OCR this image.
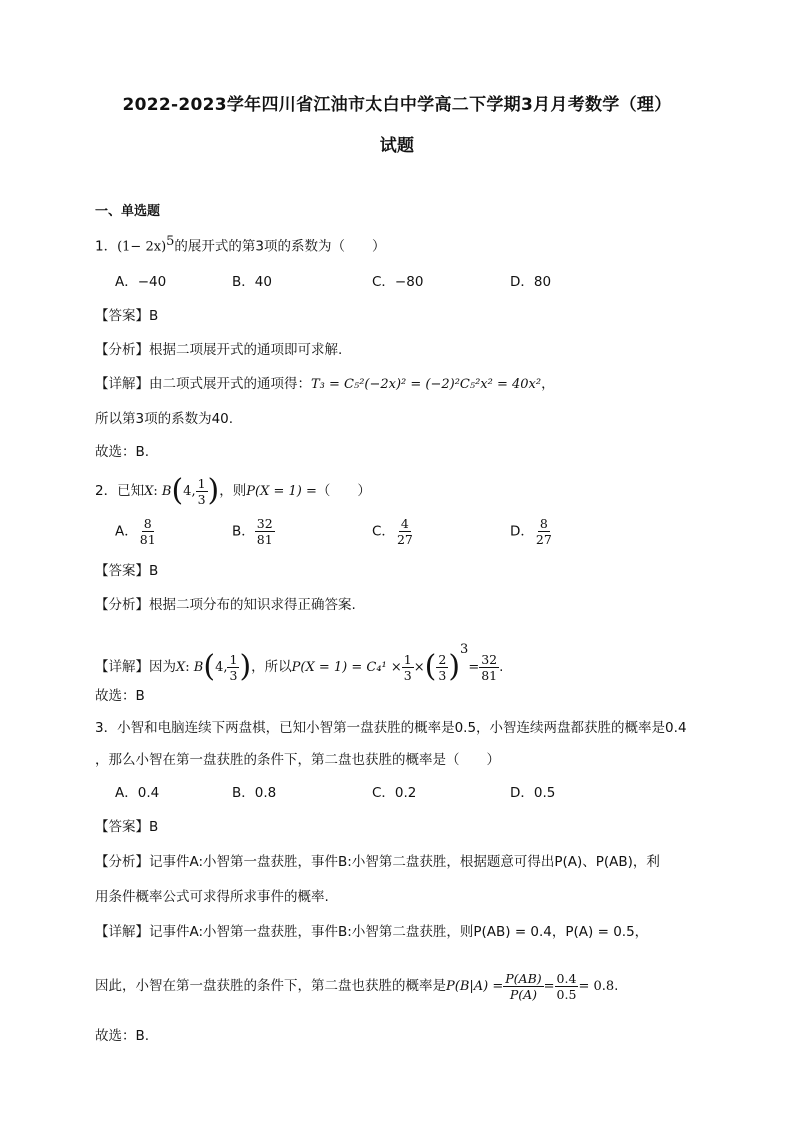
2022-2023学年四川省江油市太白中学高二下学期3月月考数学（理）
试题
一、单选题
1．$(1- 2x)^5$的展开式的第3项的系数为（　　）
A．−40	B．40	C．−80	D．80
【答案】B
【分析】根据二项展开式的通项即可求解.
【详解】由二项式展开式的通项得：T₃ = C₅²(−2x)² = (−2)²C₅²x² = 40x²，
所以第3项的系数为40.
故选：B.
2．已知X: B(4, $\frac{1}{3}$ )，则P(X = 1) =（　　）
A． $\frac{8}{81}$	B． $\frac{32}{81}$	C． $\frac{4}{27}$	D． $\frac{8}{27}$
【答案】B
【分析】根据二项分布的知识求得正确答案.
【详解】因为X: B(4, $\frac{1}{3}$ )，所以$P(X = 1) = C_4^1 \times \frac{1}{3}$ ×( $\frac{2}{3} )^3= \frac{32}{81}$ .
故选：B
3．小智和电脑连续下两盘棋，已知小智第一盘获胜的概率是0.5，小智连续两盘都获胜的概率是0.4
，那么小智在第一盘获胜的条件下，第二盘也获胜的概率是（　　）
A．0.4	B．0.8	C．0.2	D．0.5
【答案】B
【分析】记事件A:小智第一盘获胜，事件B:小智第二盘获胜，根据题意可得出P(A)、P(AB)，利
用条件概率公式可求得所求事件的概率.
【详解】记事件A:小智第一盘获胜，事件B:小智第二盘获胜，则P(AB) = 0.4，P(A) = 0.5，
因此，小智在第一盘获胜的条件下，第二盘也获胜的概率是$P(B|A) = \frac{P(AB)}{P(A)} = \frac{0.4}{0.5} = 0.8$.
故选：B.
